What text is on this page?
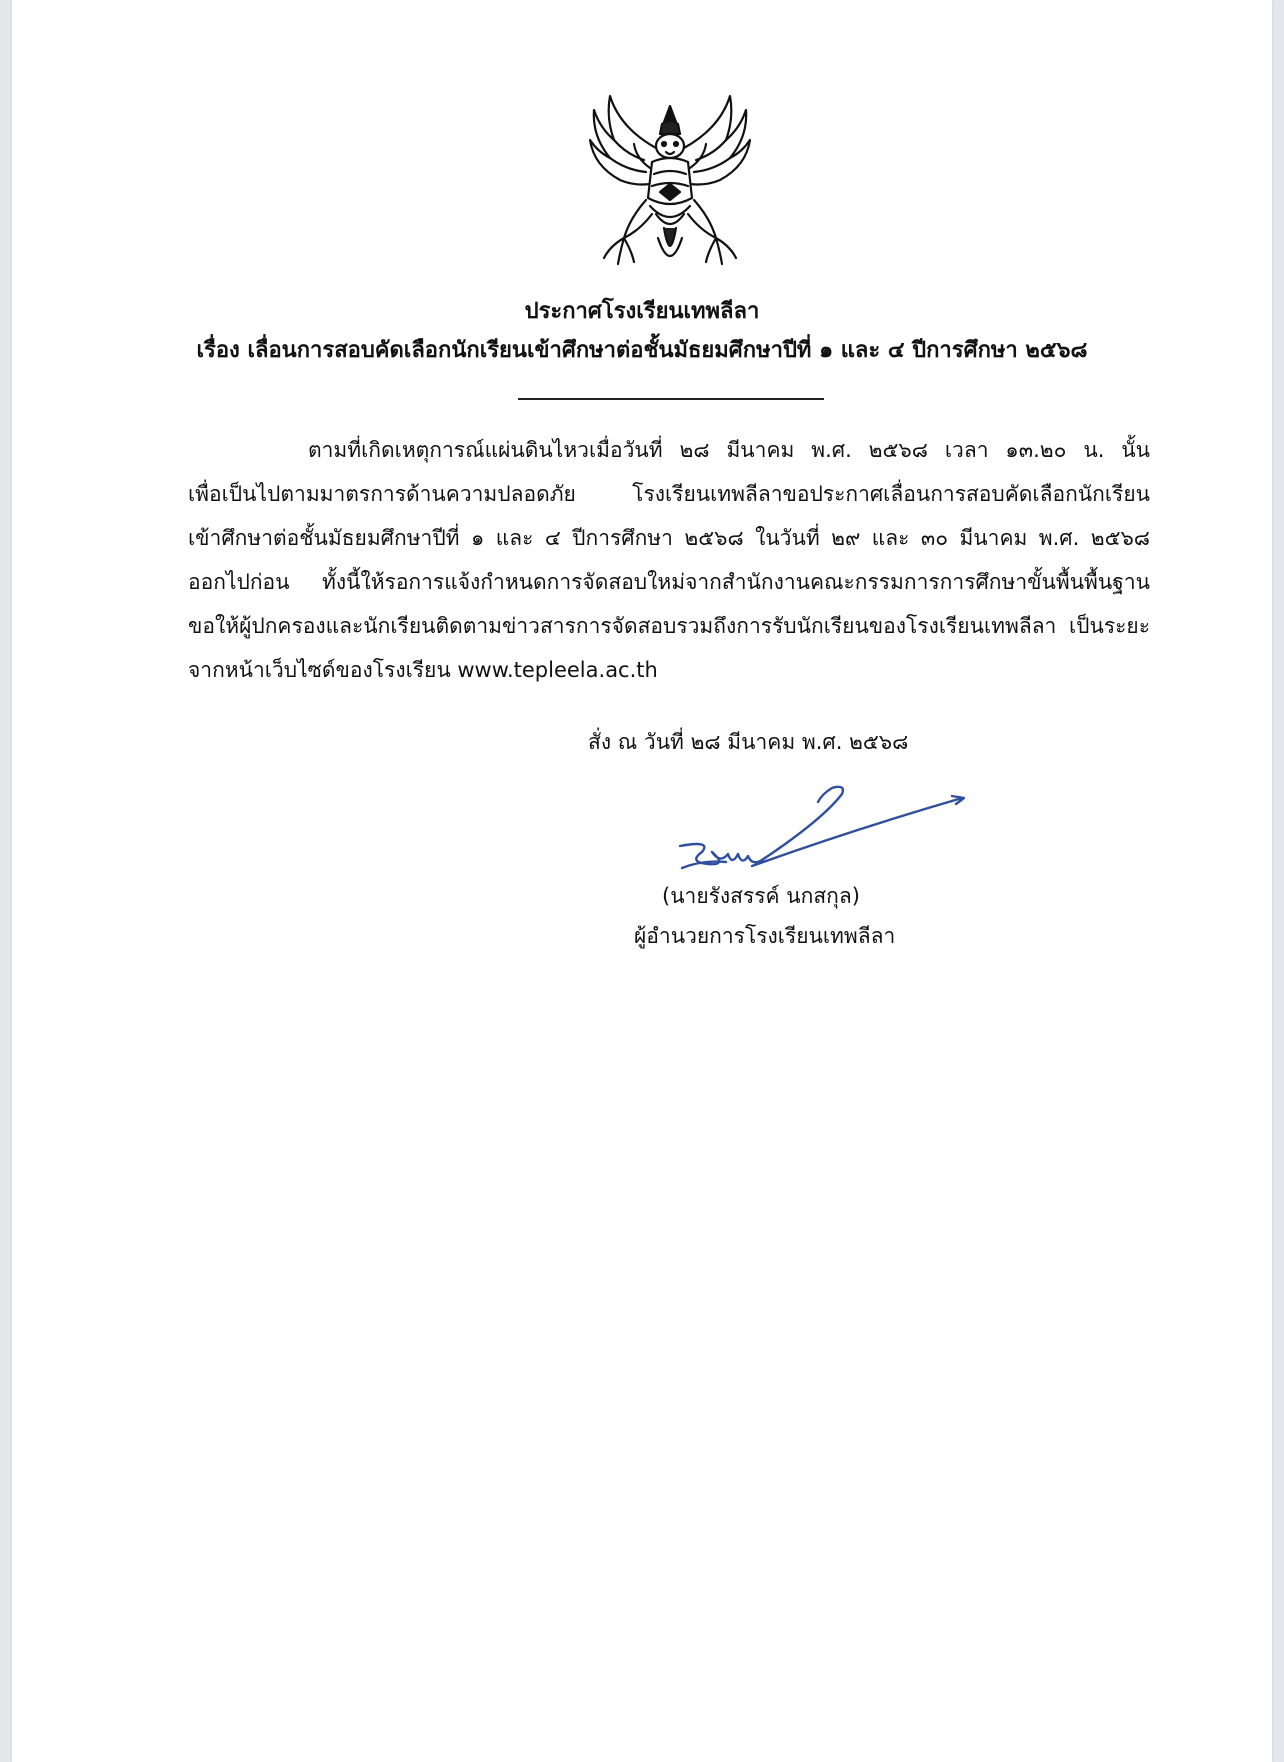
ประกาศโรงเรียนเทพลีลา
เรื่อง เลื่อนการสอบคัดเลือกนักเรียนเข้าศึกษาต่อชั้นมัธยมศึกษาปีที่ ๑ และ ๔ ปีการศึกษา ๒๕๖๘
ตามที่เกิดเหตุการณ์แผ่นดินไหวเมื่อวันที่ ๒๘ มีนาคม พ.ศ. ๒๕๖๘ เวลา ๑๓.๒๐ น. นั้น
เพื่อเป็นไปตามมาตรการด้านความปลอดภัย โรงเรียนเทพลีลาขอประกาศเลื่อนการสอบคัดเลือกนักเรียน
เข้าศึกษาต่อชั้นมัธยมศึกษาปีที่ ๑ และ ๔ ปีการศึกษา ๒๕๖๘ ในวันที่ ๒๙ และ ๓๐ มีนาคม พ.ศ. ๒๕๖๘
ออกไปก่อน ทั้งนี้ให้รอการแจ้งกำหนดการจัดสอบใหม่จากสำนักงานคณะกรรมการการศึกษาขั้นพื้นพื้นฐาน
ขอให้ผู้ปกครองและนักเรียนติดตามข่าวสารการจัดสอบรวมถึงการรับนักเรียนของโรงเรียนเทพลีลา เป็นระยะ
จากหน้าเว็บไซด์ของโรงเรียน www.tepleela.ac.th
สั่ง ณ วันที่ ๒๘ มีนาคม พ.ศ. ๒๕๖๘
(นายรังสรรค์ นกสกุล)
ผู้อำนวยการโรงเรียนเทพลีลา
